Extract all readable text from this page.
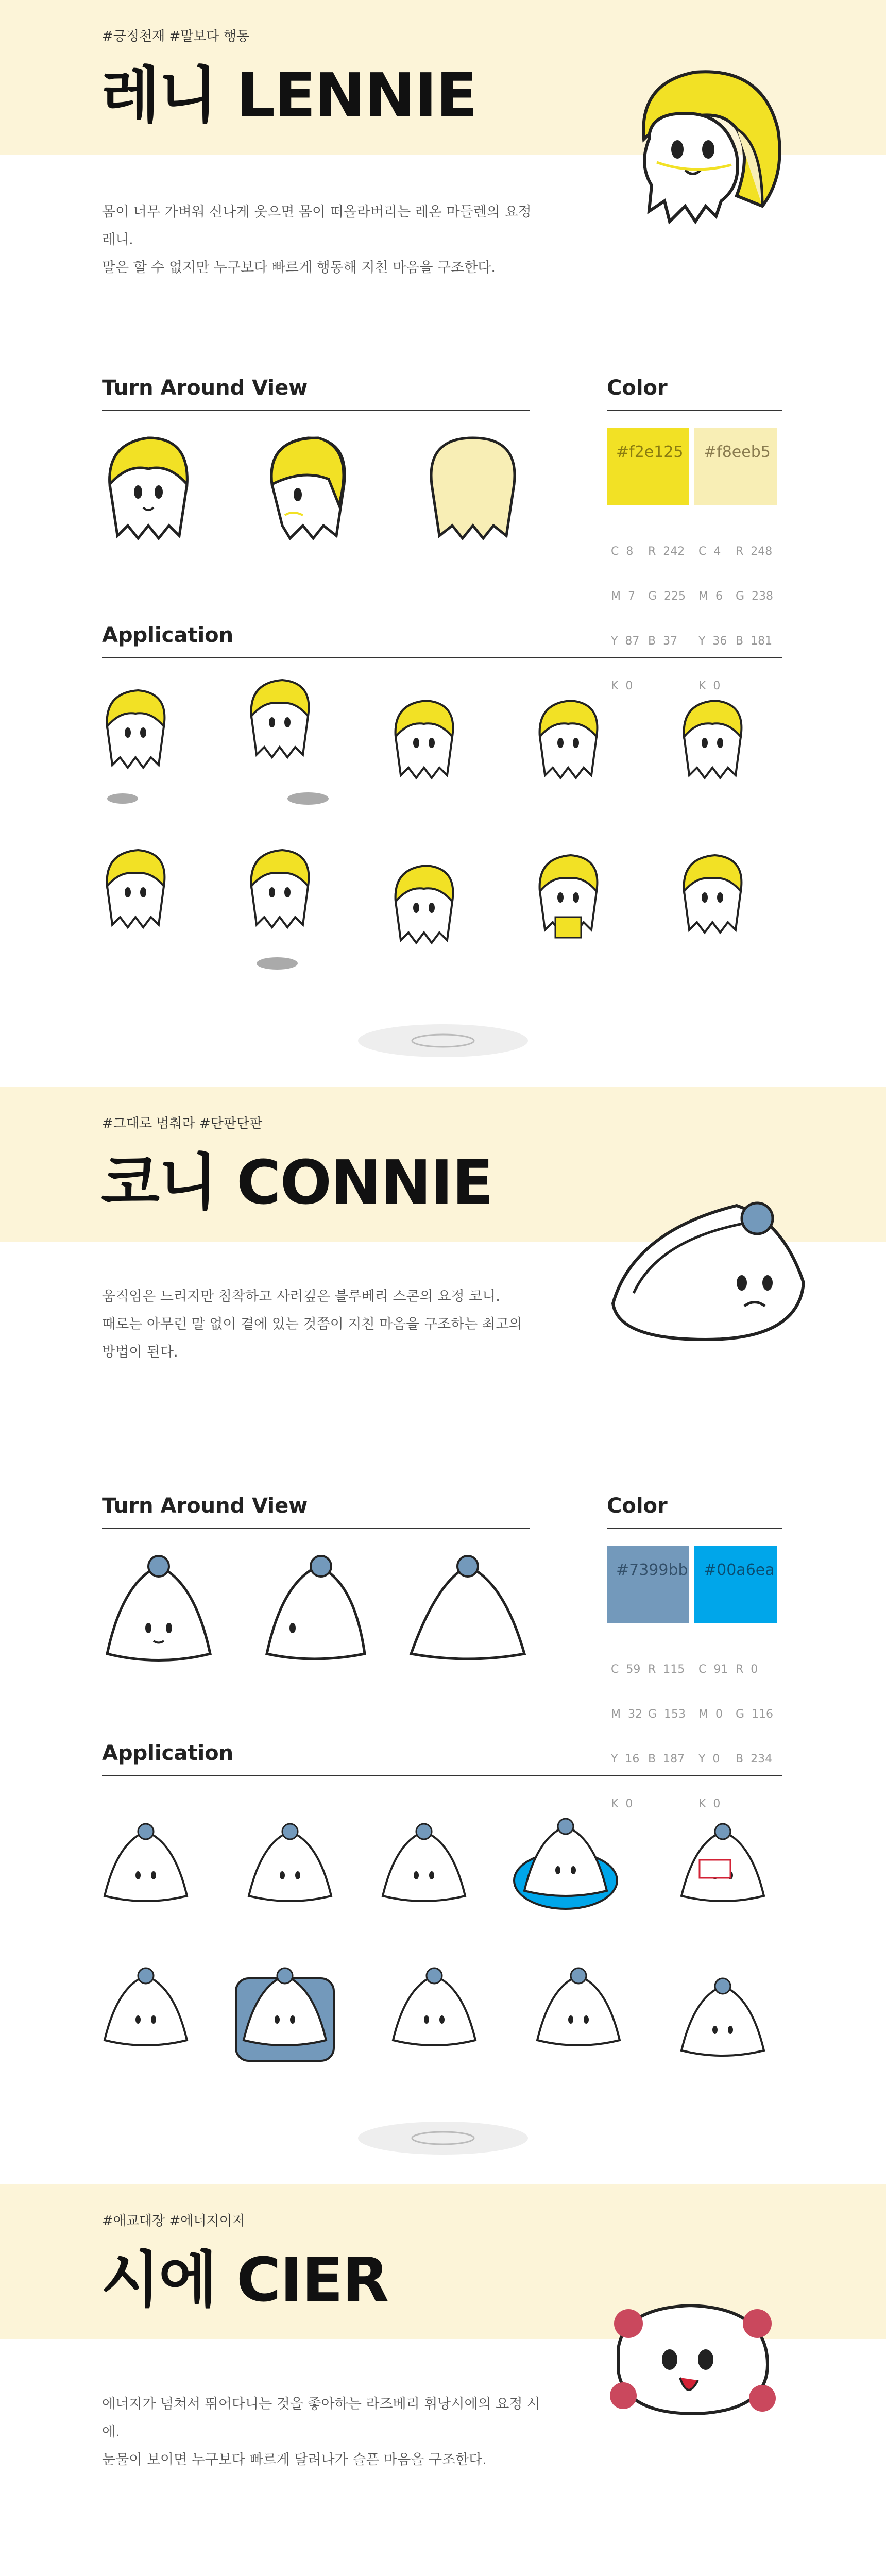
#긍정천재 #말보다 행동
레니 LENNIE

몸이 너무 가벼워 신나게 웃으면 몸이 떠올라버리는 레온 마들렌의 요정 레니.

말은 할 수 없지만 누구보다 빠르게 행동해 지친 마음을 구조한다.

Turn Around View	Color
#f2e125 #f8eeb5

C  8

M  7

Y  87

K  0

R  242

G  225

B  37

C  4

M  6

Y  36

K  0

R  248

G  238

B  181

Application
#그대로 멈춰라 #단판단판
코니 CONNIE

움직임은 느리지만 침착하고 사려깊은 블루베리 스콘의 요정 코니.

때로는 아무런 말 없이 곁에 있는 것쯤이 지친 마음을 구조하는 최고의

방법이 된다.

Turn Around View	Color
#7399bb #00a6ea

C  59

M  32

Y  16

K  0

R  115

G  153

B  187

C  91

M  0

Y  0

K  0

R  0

G  116

B  234

Application
#애교대장 #에너지이저
시에 CIER

에너지가 넘쳐서 뛰어다니는 것을 좋아하는 라즈베리 휘낭시에의 요정 시에.

눈물이 보이면 누구보다 빠르게 달려나가 슬픈 마음을 구조한다.
